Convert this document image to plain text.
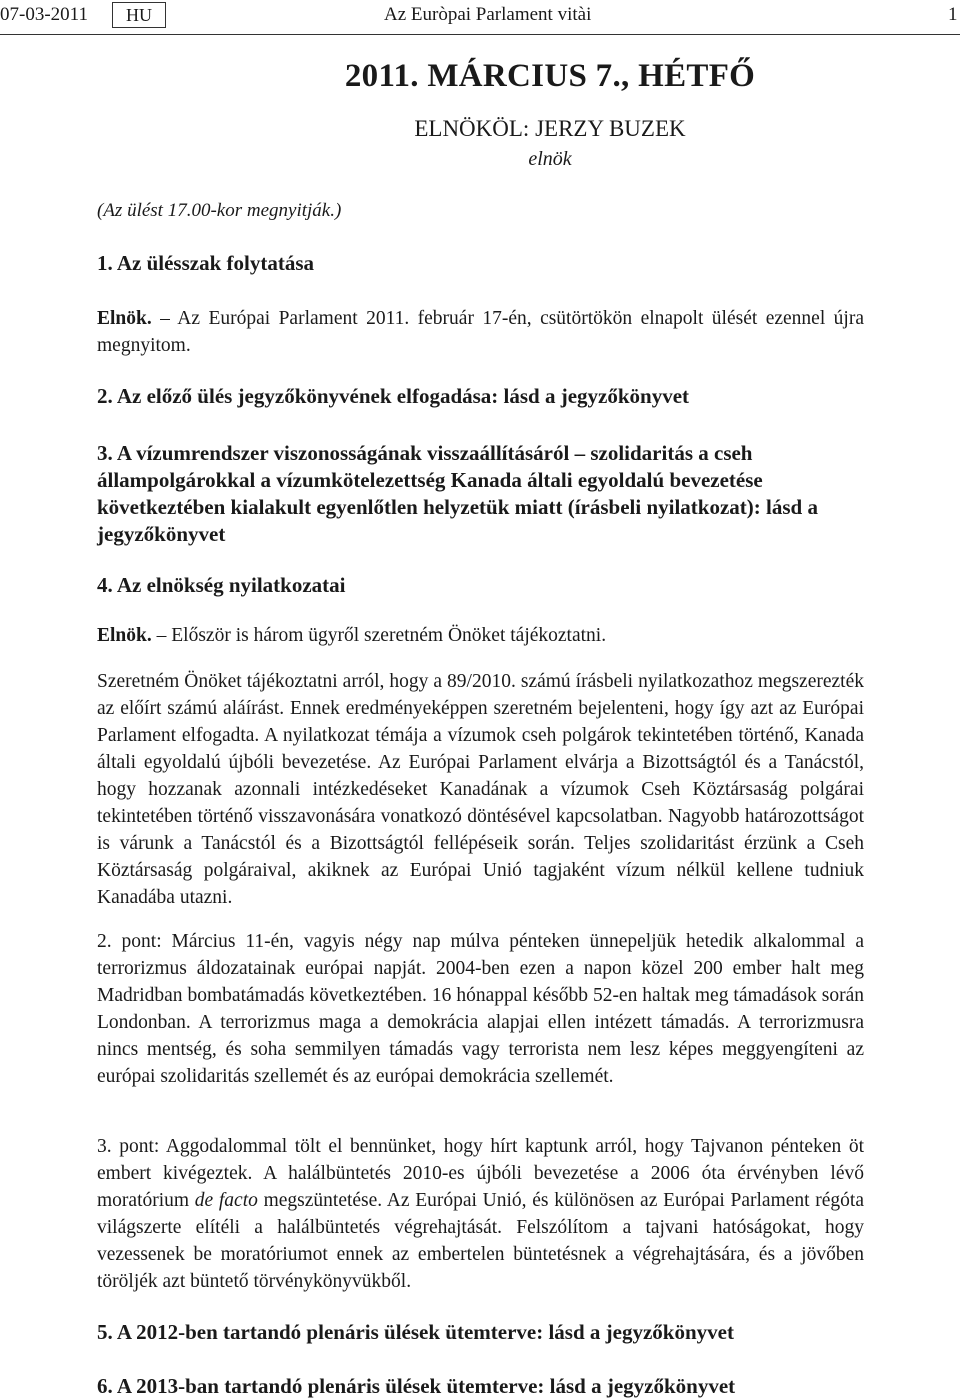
07-03-2011	HU	Az Euròpai Parlament vitài	1
2011. MÁRCIUS 7., HÉTFŐ
ELNÖKÖL: JERZY BUZEK
elnök
(Az ülést 17.00-kor megnyitják.)
1. Az ülésszak folytatása
Elnök. – Az Európai Parlament 2011. február 17-én, csütörtökön elnapolt ülését ezennel újra megnyitom.
2. Az előző ülés jegyzőkönyvének elfogadása: lásd a jegyzőkönyvet
3. A vízumrendszer viszonosságának visszaállításáról – szolidaritás a cseh állampolgárokkal a vízumkötelezettség Kanada általi egyoldalú bevezetése következtében kialakult egyenlőtlen helyzetük miatt (írásbeli nyilatkozat): lásd a jegyzőkönyvet
4. Az elnökség nyilatkozatai
Elnök. – Először is három ügyről szeretném Önöket tájékoztatni.
Szeretném Önöket tájékoztatni arról, hogy a 89/2010. számú írásbeli nyilatkozathoz megszerezték az előírt számú aláírást. Ennek eredményeképpen szeretném bejelenteni, hogy így azt az Európai Parlament elfogadta. A nyilatkozat témája a vízumok cseh polgárok tekintetében történő, Kanada általi egyoldalú újbóli bevezetése. Az Európai Parlament elvárja a Bizottságtól és a Tanácstól, hogy hozzanak azonnali intézkedéseket Kanadának a vízumok Cseh Köztársaság polgárai tekintetében történő visszavonására vonatkozó döntésével kapcsolatban. Nagyobb határozottságot is várunk a Tanácstól és a Bizottságtól fellépéseik során. Teljes szolidaritást érzünk a Cseh Köztársaság polgáraival, akiknek az Európai Unió tagjaként vízum nélkül kellene tudniuk Kanadába utazni.
2. pont: Március 11-én, vagyis négy nap múlva pénteken ünnepeljük hetedik alkalommal a terrorizmus áldozatainak európai napját. 2004-ben ezen a napon közel 200 ember halt meg Madridban bombatámadás következtében. 16 hónappal később 52-en haltak meg támadások során Londonban. A terrorizmus maga a demokrácia alapjai ellen intézett támadás. A terrorizmusra nincs mentség, és soha semmilyen támadás vagy terrorista nem lesz képes meggyengíteni az európai szolidaritás szellemét és az európai demokrácia szellemét.
3. pont: Aggodalommal tölt el bennünket, hogy hírt kaptunk arról, hogy Tajvanon pénteken öt embert kivégeztek. A halálbüntetés 2010-es újbóli bevezetése a 2006 óta érvényben lévő moratórium de facto megszüntetése. Az Európai Unió, és különösen az Európai Parlament régóta világszerte elítéli a halálbüntetés végrehajtását. Felszólítom a tajvani hatóságokat, hogy vezessenek be moratóriumot ennek az embertelen büntetésnek a végrehajtására, és a jövőben töröljék azt büntető törvénykönyvükből.
5. A 2012-ben tartandó plenáris ülések ütemterve: lásd a jegyzőkönyvet
6. A 2013-ban tartandó plenáris ülések ütemterve: lásd a jegyzőkönyvet
